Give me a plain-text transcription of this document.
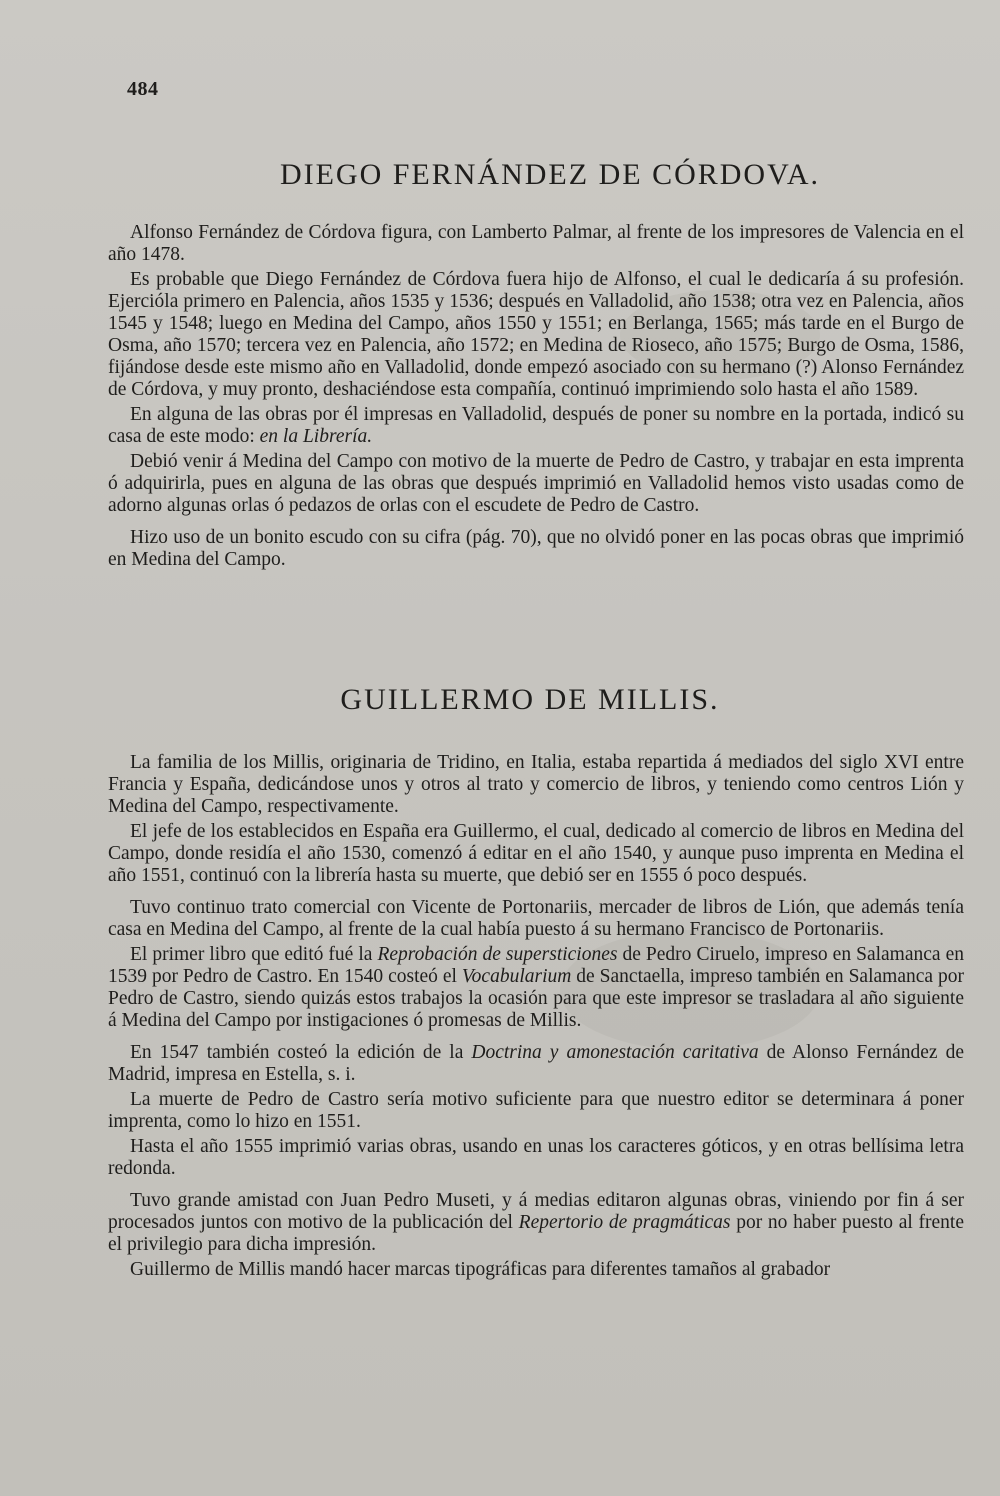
484
DIEGO FERNÁNDEZ DE CÓRDOVA.

Alfonso Fernández de Córdova figura, con Lamberto Palmar, al frente de los impresores de Valencia en el año 1478.

Es probable que Diego Fernández de Córdova fuera hijo de Alfonso, el cual le dedicaría á su profesión. Ejercióla primero en Palencia, años 1535 y 1536; después en Valladolid, año 1538; otra vez en Palencia, años 1545 y 1548; luego en Medina del Campo, años 1550 y 1551; en Berlanga, 1565; más tarde en el Burgo de Osma, año 1570; tercera vez en Palencia, año 1572; en Medina de Rioseco, año 1575; Burgo de Osma, 1586, fijándose desde este mismo año en Valladolid, donde empezó asociado con su hermano (?) Alonso Fernández de Córdova, y muy pronto, deshaciéndose esta compañía, continuó imprimiendo solo hasta el año 1589.

En alguna de las obras por él impresas en Valladolid, después de poner su nombre en la portada, indicó su casa de este modo: en la Librería.

Debió venir á Medina del Campo con motivo de la muerte de Pedro de Castro, y trabajar en esta imprenta ó adquirirla, pues en alguna de las obras que después imprimió en Valladolid hemos visto usadas como de adorno algunas orlas ó pedazos de orlas con el escudete de Pedro de Castro.

Hizo uso de un bonito escudo con su cifra (pág. 70), que no olvidó poner en las pocas obras que imprimió en Medina del Campo.

GUILLERMO DE MILLIS.

La familia de los Millis, originaria de Tridino, en Italia, estaba repartida á mediados del siglo XVI entre Francia y España, dedicándose unos y otros al trato y comercio de libros, y teniendo como centros Lión y Medina del Campo, respectivamente.

El jefe de los establecidos en España era Guillermo, el cual, dedicado al comercio de libros en Medina del Campo, donde residía el año 1530, comenzó á editar en el año 1540, y aunque puso imprenta en Medina el año 1551, continuó con la librería hasta su muerte, que debió ser en 1555 ó poco después.

Tuvo continuo trato comercial con Vicente de Portonariis, mercader de libros de Lión, que además tenía casa en Medina del Campo, al frente de la cual había puesto á su hermano Francisco de Portonariis.

El primer libro que editó fué la Reprobación de supersticiones de Pedro Ciruelo, impreso en Salamanca en 1539 por Pedro de Castro. En 1540 costeó el Vocabularium de Sanctaella, impreso también en Salamanca por Pedro de Castro, siendo quizás estos trabajos la ocasión para que este impresor se trasladara al año siguiente á Medina del Campo por instigaciones ó promesas de Millis.

En 1547 también costeó la edición de la Doctrina y amonestación caritativa de Alonso Fernández de Madrid, impresa en Estella, s. i.

La muerte de Pedro de Castro sería motivo suficiente para que nuestro editor se determinara á poner imprenta, como lo hizo en 1551.

Hasta el año 1555 imprimió varias obras, usando en unas los caracteres góticos, y en otras bellísima letra redonda.

Tuvo grande amistad con Juan Pedro Museti, y á medias editaron algunas obras, viniendo por fin á ser procesados juntos con motivo de la publicación del Repertorio de pragmáticas por no haber puesto al frente el privilegio para dicha impresión.

Guillermo de Millis mandó hacer marcas tipográficas para diferentes tamaños al grabador
